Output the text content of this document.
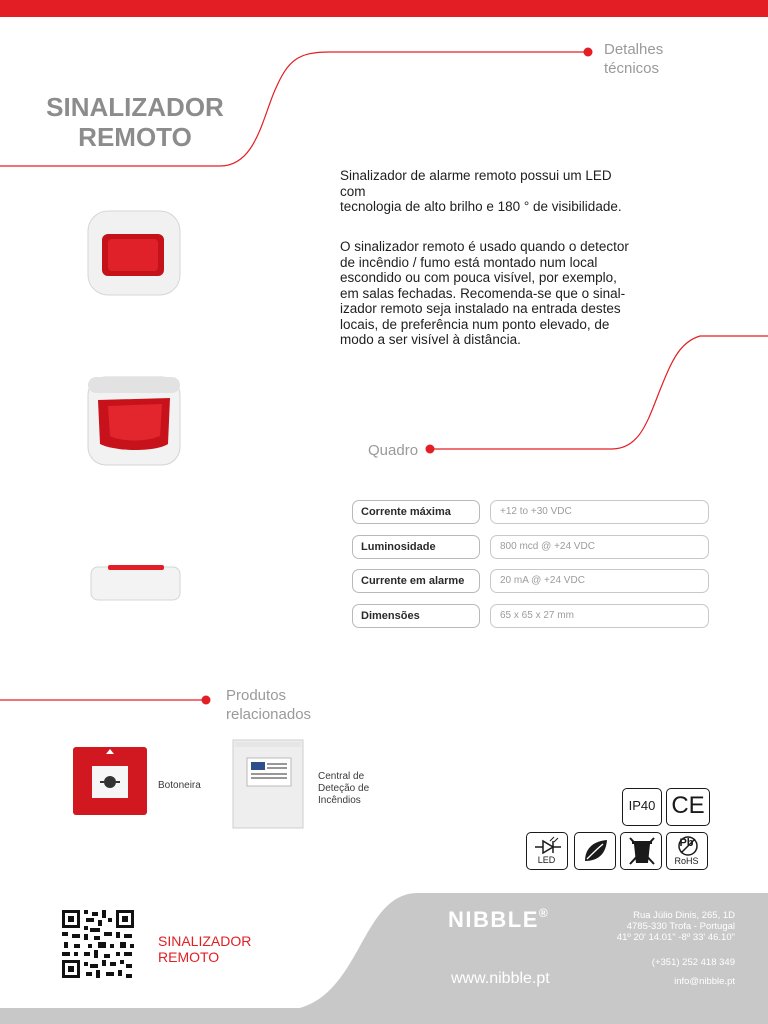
Detalhes
técnicos
SINALIZADOR
REMOTO
Sinalizador de alarme remoto possui um LED com
tecnologia de alto brilho e 180 ° de visibilidade.
O sinalizador remoto é usado quando o detector
de incêndio / fumo está montado num local
escondido ou com pouca visível, por exemplo,
em salas fechadas. Recomenda-se que o sinal-
izador remoto seja instalado na entrada destes
locais, de preferência num ponto elevado, de
modo a ser visível à distância.
Quadro
Corrente máxima	+12 to +30 VDC
Luminosidade	800 mcd @ +24 VDC
Currente em alarme	20 mA @ +24 VDC
Dimensões	65 x 65 x 27 mm
Produtos
relacionados
Botoneira
Central de
Deteção de
Incêndios	IP40 CE
LED
Pb
RoHS
SINALIZADOR
REMOTO
NIBBLE®
www.nibble.pt
Rua Júlio Dinis, 265, 1D
4785-330 Trofa - Portugal
41º 20' 14.01" -8º 33' 46.10"
(+351) 252 418 349
info@nibble.pt
